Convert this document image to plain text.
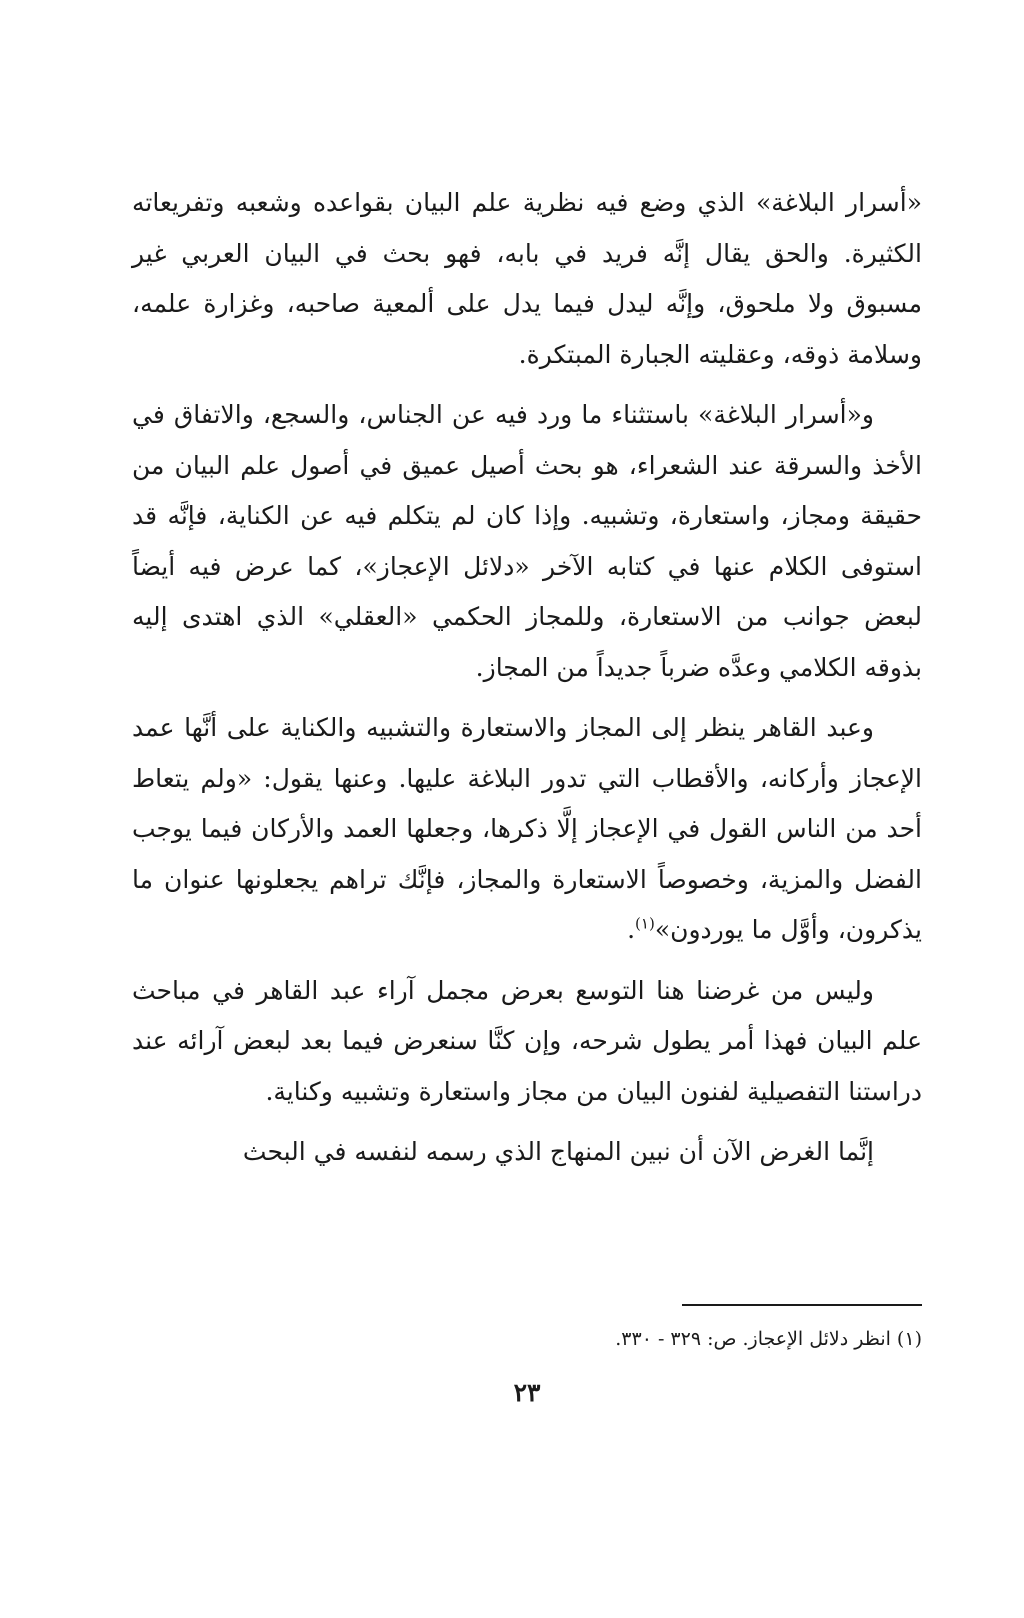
«أسرار البلاغة» الذي وضع فيه نظرية علم البيان بقواعده وشعبه وتفريعاته الكثيرة. والحق يقال إنَّه فريد في بابه، فهو بحث في البيان العربي غير مسبوق ولا ملحوق، وإنَّه ليدل فيما يدل على ألمعية صاحبه، وغزارة علمه، وسلامة ذوقه، وعقليته الجبارة المبتكرة.

و«أسرار البلاغة» باستثناء ما ورد فيه عن الجناس، والسجع، والاتفاق في الأخذ والسرقة عند الشعراء، هو بحث أصيل عميق في أصول علم البيان من حقيقة ومجاز، واستعارة، وتشبيه. وإذا كان لم يتكلم فيه عن الكناية، فإنَّه قد استوفى الكلام عنها في كتابه الآخر «دلائل الإعجاز»، كما عرض فيه أيضاً لبعض جوانب من الاستعارة، وللمجاز الحكمي «العقلي» الذي اهتدى إليه بذوقه الكلامي وعدَّه ضرباً جديداً من المجاز.

وعبد القاهر ينظر إلى المجاز والاستعارة والتشبيه والكناية على أنَّها عمد الإعجاز وأركانه، والأقطاب التي تدور البلاغة عليها. وعنها يقول: «ولم يتعاط أحد من الناس القول في الإعجاز إلَّا ذكرها، وجعلها العمد والأركان فيما يوجب الفضل والمزية، وخصوصاً الاستعارة والمجاز، فإنَّك تراهم يجعلونها عنوان ما يذكرون، وأوَّل ما يوردون»$^{(١)}$.

وليس من غرضنا هنا التوسع بعرض مجمل آراء عبد القاهر في مباحث علم البيان فهذا أمر يطول شرحه، وإن كنَّا سنعرض فيما بعد لبعض آرائه عند دراستنا التفصيلية لفنون البيان من مجاز واستعارة وتشبيه وكناية.

إنَّما الغرض الآن أن نبين المنهاج الذي رسمه لنفسه في البحث

(١) انظر دلائل الإعجاز. ص: ٣٢٩ - ٣٣٠.

٢٣
